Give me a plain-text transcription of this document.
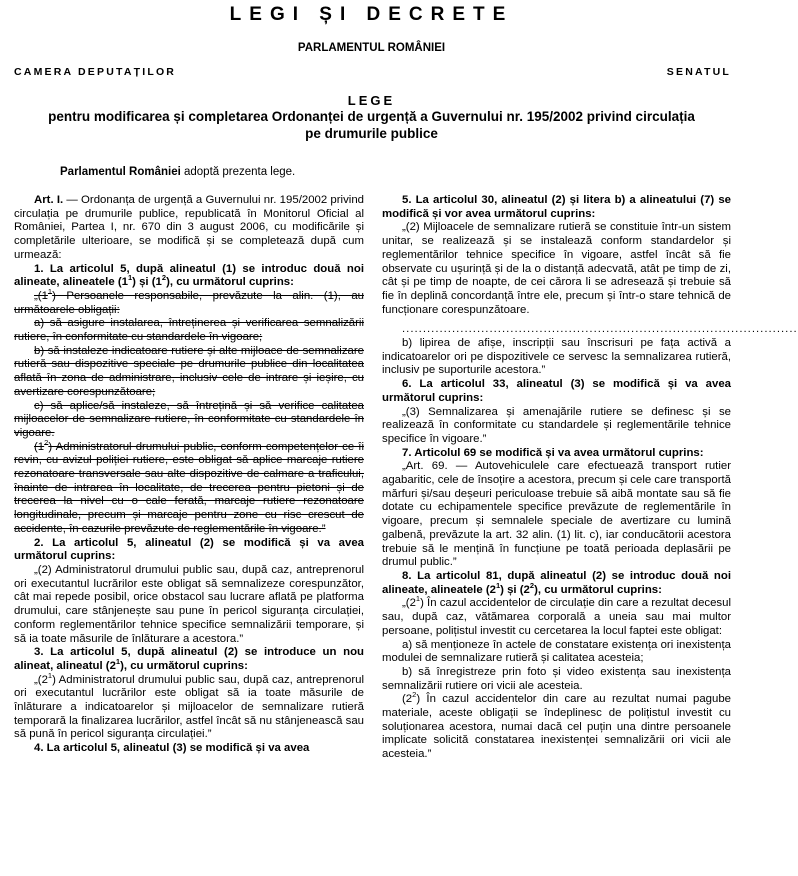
LEGI ȘI DECRETE
PARLAMENTUL ROMÂNIEI
CAMERA DEPUTAȚILOR	SENATUL
LEGE
pentru modificarea și completarea Ordonanței de urgență a Guvernului nr. 195/2002 privind circulația pe drumurile publice
Parlamentul României adoptă prezenta lege.

Art. I. — Ordonanța de urgență a Guvernului nr. 195/2002 privind circulația pe drumurile publice, republicată în Monitorul Oficial al României, Partea I, nr. 670 din 3 august 2006, cu modificările și completările ulterioare, se modifică și se completează după cum urmează:

1. La articolul 5, după alineatul (1) se introduc două noi alineate, alineatele $(1^1)$ și $(1^2)$, cu următorul cuprins:

$„(1^1)$ Persoanele responsabile, prevăzute la alin. (1), au următoarele obligații:

a) să asigure instalarea, întreținerea și verificarea semnalizării rutiere, în conformitate cu standardele în vigoare;

b) să instaleze indicatoare rutiere și alte mijloace de semnalizare rutieră sau dispozitive speciale pe drumurile publice din localitatea aflată în zona de administrare, inclusiv cele de intrare și ieșire, cu avertizare corespunzătoare;

c) să aplice/să instaleze, să întrețină și să verifice calitatea mijloacelor de semnalizare rutiere, în conformitate cu standardele în vigoare.

$(1^2)$ Administratorul drumului public, conform competențelor ce îi revin, cu avizul poliției rutiere, este obligat să aplice marcaje rutiere rezonatoare transversale sau alte dispozitive de calmare a traficului, înainte de intrarea în localitate, de trecerea pentru pietoni și de trecerea la nivel cu o cale ferată, marcaje rutiere rezonatoare longitudinale, precum și marcaje pentru zone cu risc crescut de accidente, în cazurile prevăzute de reglementările în vigoare.”

2. La articolul 5, alineatul (2) se modifică și va avea următorul cuprins:

„(2) Administratorul drumului public sau, după caz, antreprenorul ori executantul lucrărilor este obligat să semnalizeze corespunzător, cât mai repede posibil, orice obstacol sau lucrare aflată pe platforma drumului, care stânjenește sau pune în pericol siguranța circulației, conform reglementărilor tehnice specifice semnalizării temporare, și să ia toate măsurile de înlăturare a acestora.”

3. La articolul 5, după alineatul (2) se introduce un nou alineat, alineatul $(2^1)$, cu următorul cuprins:

$„(2^1)$ Administratorul drumului public sau, după caz, antreprenorul ori executantul lucrărilor este obligat să ia toate măsurile de înlăturare a indicatoarelor și mijloacelor de semnalizare rutieră temporară la finalizarea lucrărilor, astfel încât să nu stânjenească sau să pună în pericol siguranța circulației.”

4. La articolul 5, alineatul (3) se modifică și va avea

5. La articolul 30, alineatul (2) și litera b) a alineatului (7) se modifică și vor avea următorul cuprins:

„(2) Mijloacele de semnalizare rutieră se constituie într-un sistem unitar, se realizează și se instalează conform standardelor și reglementărilor tehnice specifice în vigoare, astfel încât să fie observate cu ușurință și de la o distanță adecvată, atât pe timp de zi, cât și pe timp de noapte, de cei cărora li se adresează și trebuie să fie în deplină concordanță între ele, precum și într-o stare tehnică de funcționare corespunzătoare.

...............................................................................................

b) lipirea de afișe, inscripții sau înscrisuri pe fața activă a indicatoarelor ori pe dispozitivele ce servesc la semnalizarea rutieră, inclusiv pe suporturile acestora.”

6. La articolul 33, alineatul (3) se modifică și va avea următorul cuprins:

„(3) Semnalizarea și amenajările rutiere se definesc și se realizează în conformitate cu standardele și reglementările tehnice specifice în vigoare.”

7. Articolul 69 se modifică și va avea următorul cuprins:

„Art. 69. — Autovehiculele care efectuează transport rutier agabaritic, cele de însoțire a acestora, precum și cele care transportă mărfuri și/sau deșeuri periculoase trebuie să aibă montate sau să fie dotate cu echipamentele specifice prevăzute de reglementările în vigoare, precum și semnalele speciale de avertizare cu lumină galbenă, prevăzute la art. 32 alin. (1) lit. c), iar conducătorii acestora trebuie să le mențină în funcțiune pe toată perioada deplasării pe drumul public.”

8. La articolul 81, după alineatul (2) se introduc două noi alineate, alineatele $(2^1)$ și $(2^2)$, cu următorul cuprins:

$„(2^1)$ În cazul accidentelor de circulație din care a rezultat decesul sau, după caz, vătămarea corporală a uneia sau mai multor persoane, polițistul investit cu cercetarea la locul faptei este obligat:

a) să menționeze în actele de constatare existența ori inexistența modulei de semnalizare rutieră și calitatea acesteia;

b) să înregistreze prin foto și video existența sau inexistența semnalizării rutiere ori vicii ale acesteia.

$(2^2)$ În cazul accidentelor din care au rezultat numai pagube materiale, aceste obligații se îndeplinesc de polițistul investit cu soluționarea acestora, numai dacă cel puțin una dintre persoanele implicate solicită constatarea inexistenței semnalizării ori vicii ale acesteia.”
